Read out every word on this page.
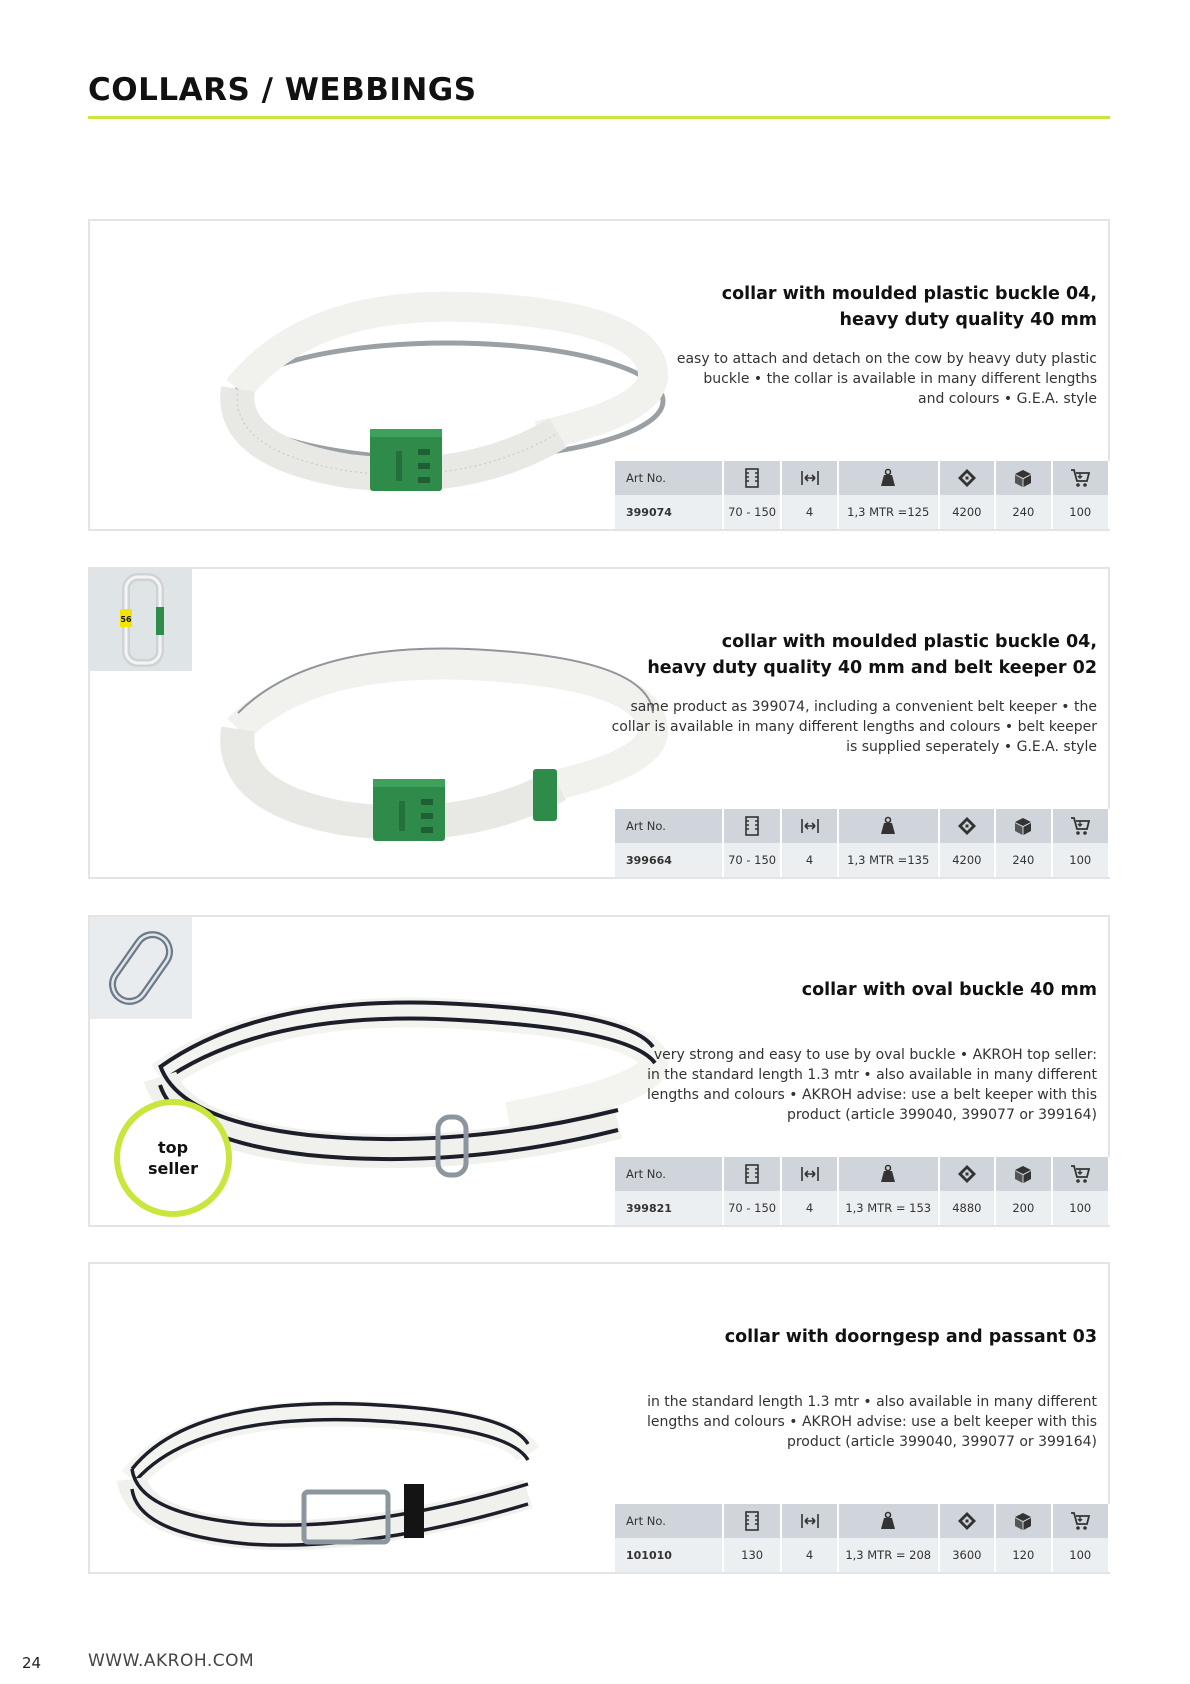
COLLARS / WEBBINGS
collar with moulded plastic buckle 04,
heavy duty quality 40 mm
easy to attach and detach on the cow by heavy duty plastic
buckle • the collar is available in many different lengths
and colours • G.E.A. style
Art No.						
399074	70 - 150	4	1,3 MTR =125	4200	240	100
56
collar with moulded plastic buckle 04,
heavy duty quality 40 mm and belt keeper 02
same product as 399074, including a convenient belt keeper • the
collar is available in many different lengths and colours • belt keeper
is supplied seperately • G.E.A. style
Art No.						
399664	70 - 150	4	1,3 MTR =135	4200	240	100
top
seller
collar with oval buckle 40 mm
very strong and easy to use by oval buckle • AKROH top seller:
in the standard length 1.3 mtr • also available in many different
lengths and colours • AKROH advise: use a belt keeper with this
product (article 399040, 399077 or 399164)
Art No.						
399821	70 - 150	4	1,3 MTR = 153	4880	200	100
collar with doorngesp and passant 03
in the standard length 1.3 mtr • also available in many different
lengths and colours • AKROH advise: use a belt keeper with this
product (article 399040, 399077 or 399164)
Art No.						
101010	130	4	1,3 MTR = 208	3600	120	100
24	WWW.AKROH.COM
